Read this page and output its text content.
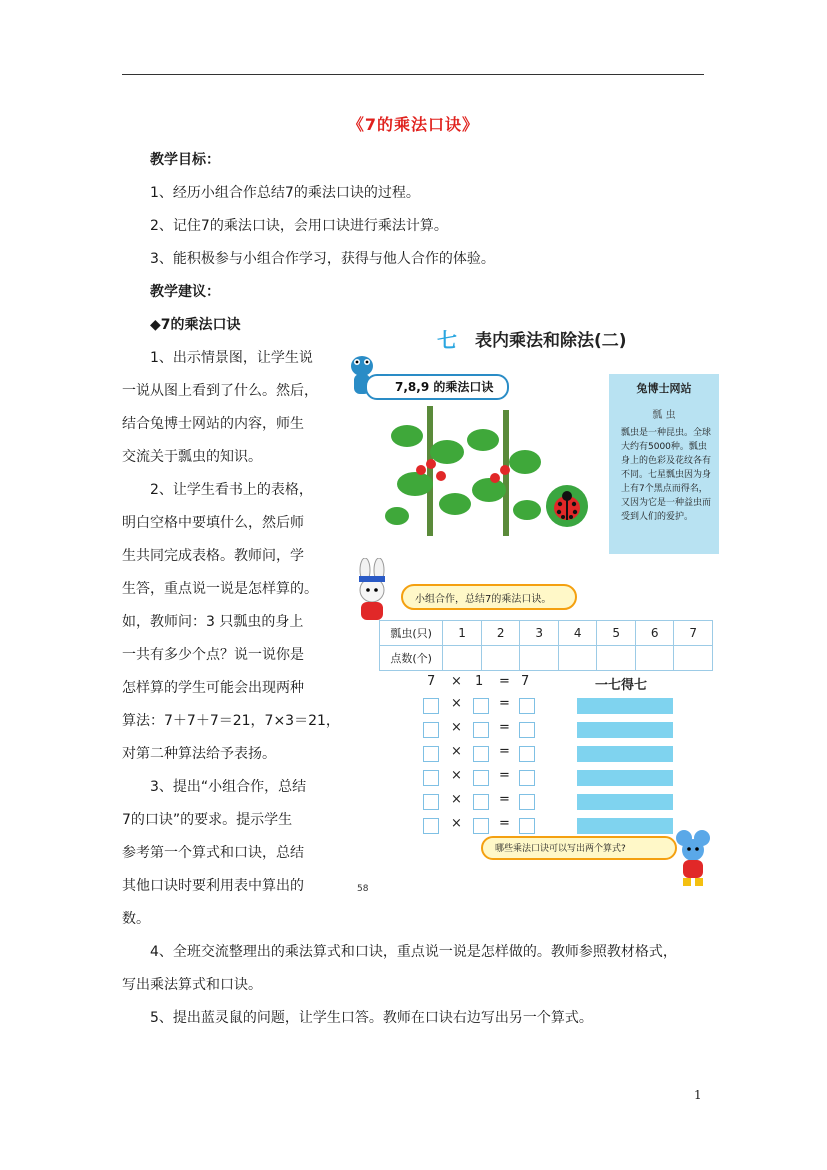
《7的乘法口诀》
教学目标：
1、经历小组合作总结7的乘法口诀的过程。
2、记住7的乘法口诀，会用口诀进行乘法计算。
3、能积极参与小组合作学习，获得与他人合作的体验。
教学建议：
◆7的乘法口诀
1、出示情景图，让学生说
一说从图上看到了什么。然后，
结合兔博士网站的内容，师生
交流关于瓢虫的知识。
2、让学生看书上的表格，
明白空格中要填什么，然后师
生共同完成表格。教师问，学
生答，重点说一说是怎样算的。
如，教师问：3 只瓢虫的身上
一共有多少个点？说一说你是
怎样算的学生可能会出现两种
算法：7＋7＋7＝21，7×3＝21，
对第二种算法给予表扬。
3、提出“小组合作，总结
7的口诀”的要求。提示学生
参考第一个算式和口诀，总结
其他口诀时要利用表中算出的
数。
4、全班交流整理出的乘法算式和口诀，重点说一说是怎样做的。教师参照教材格式，
写出乘法算式和口诀。
5、提出蓝灵鼠的问题，让学生口答。教师在口诀右边写出另一个算式。
1
七 表内乘法和除法(二)
7,8,9 的乘法口诀	兔博士网站
瓢 虫
瓢虫是一种昆虫。全球大约有5000种。瓢虫身上的色彩及花纹各有不同。七星瓢虫因为身上有7个黑点而得名，又因为它是一种益虫而受到人们的爱护。
小组合作，总结7的乘法口诀。
瓢虫(只)	1	2	3	4	5	6	7
点数(个)							
7 × 1 = 7	一七得七
×	=
×	=
×	=
×	=
×	=
×	=
哪些乘法口诀可以写出两个算式?
58
